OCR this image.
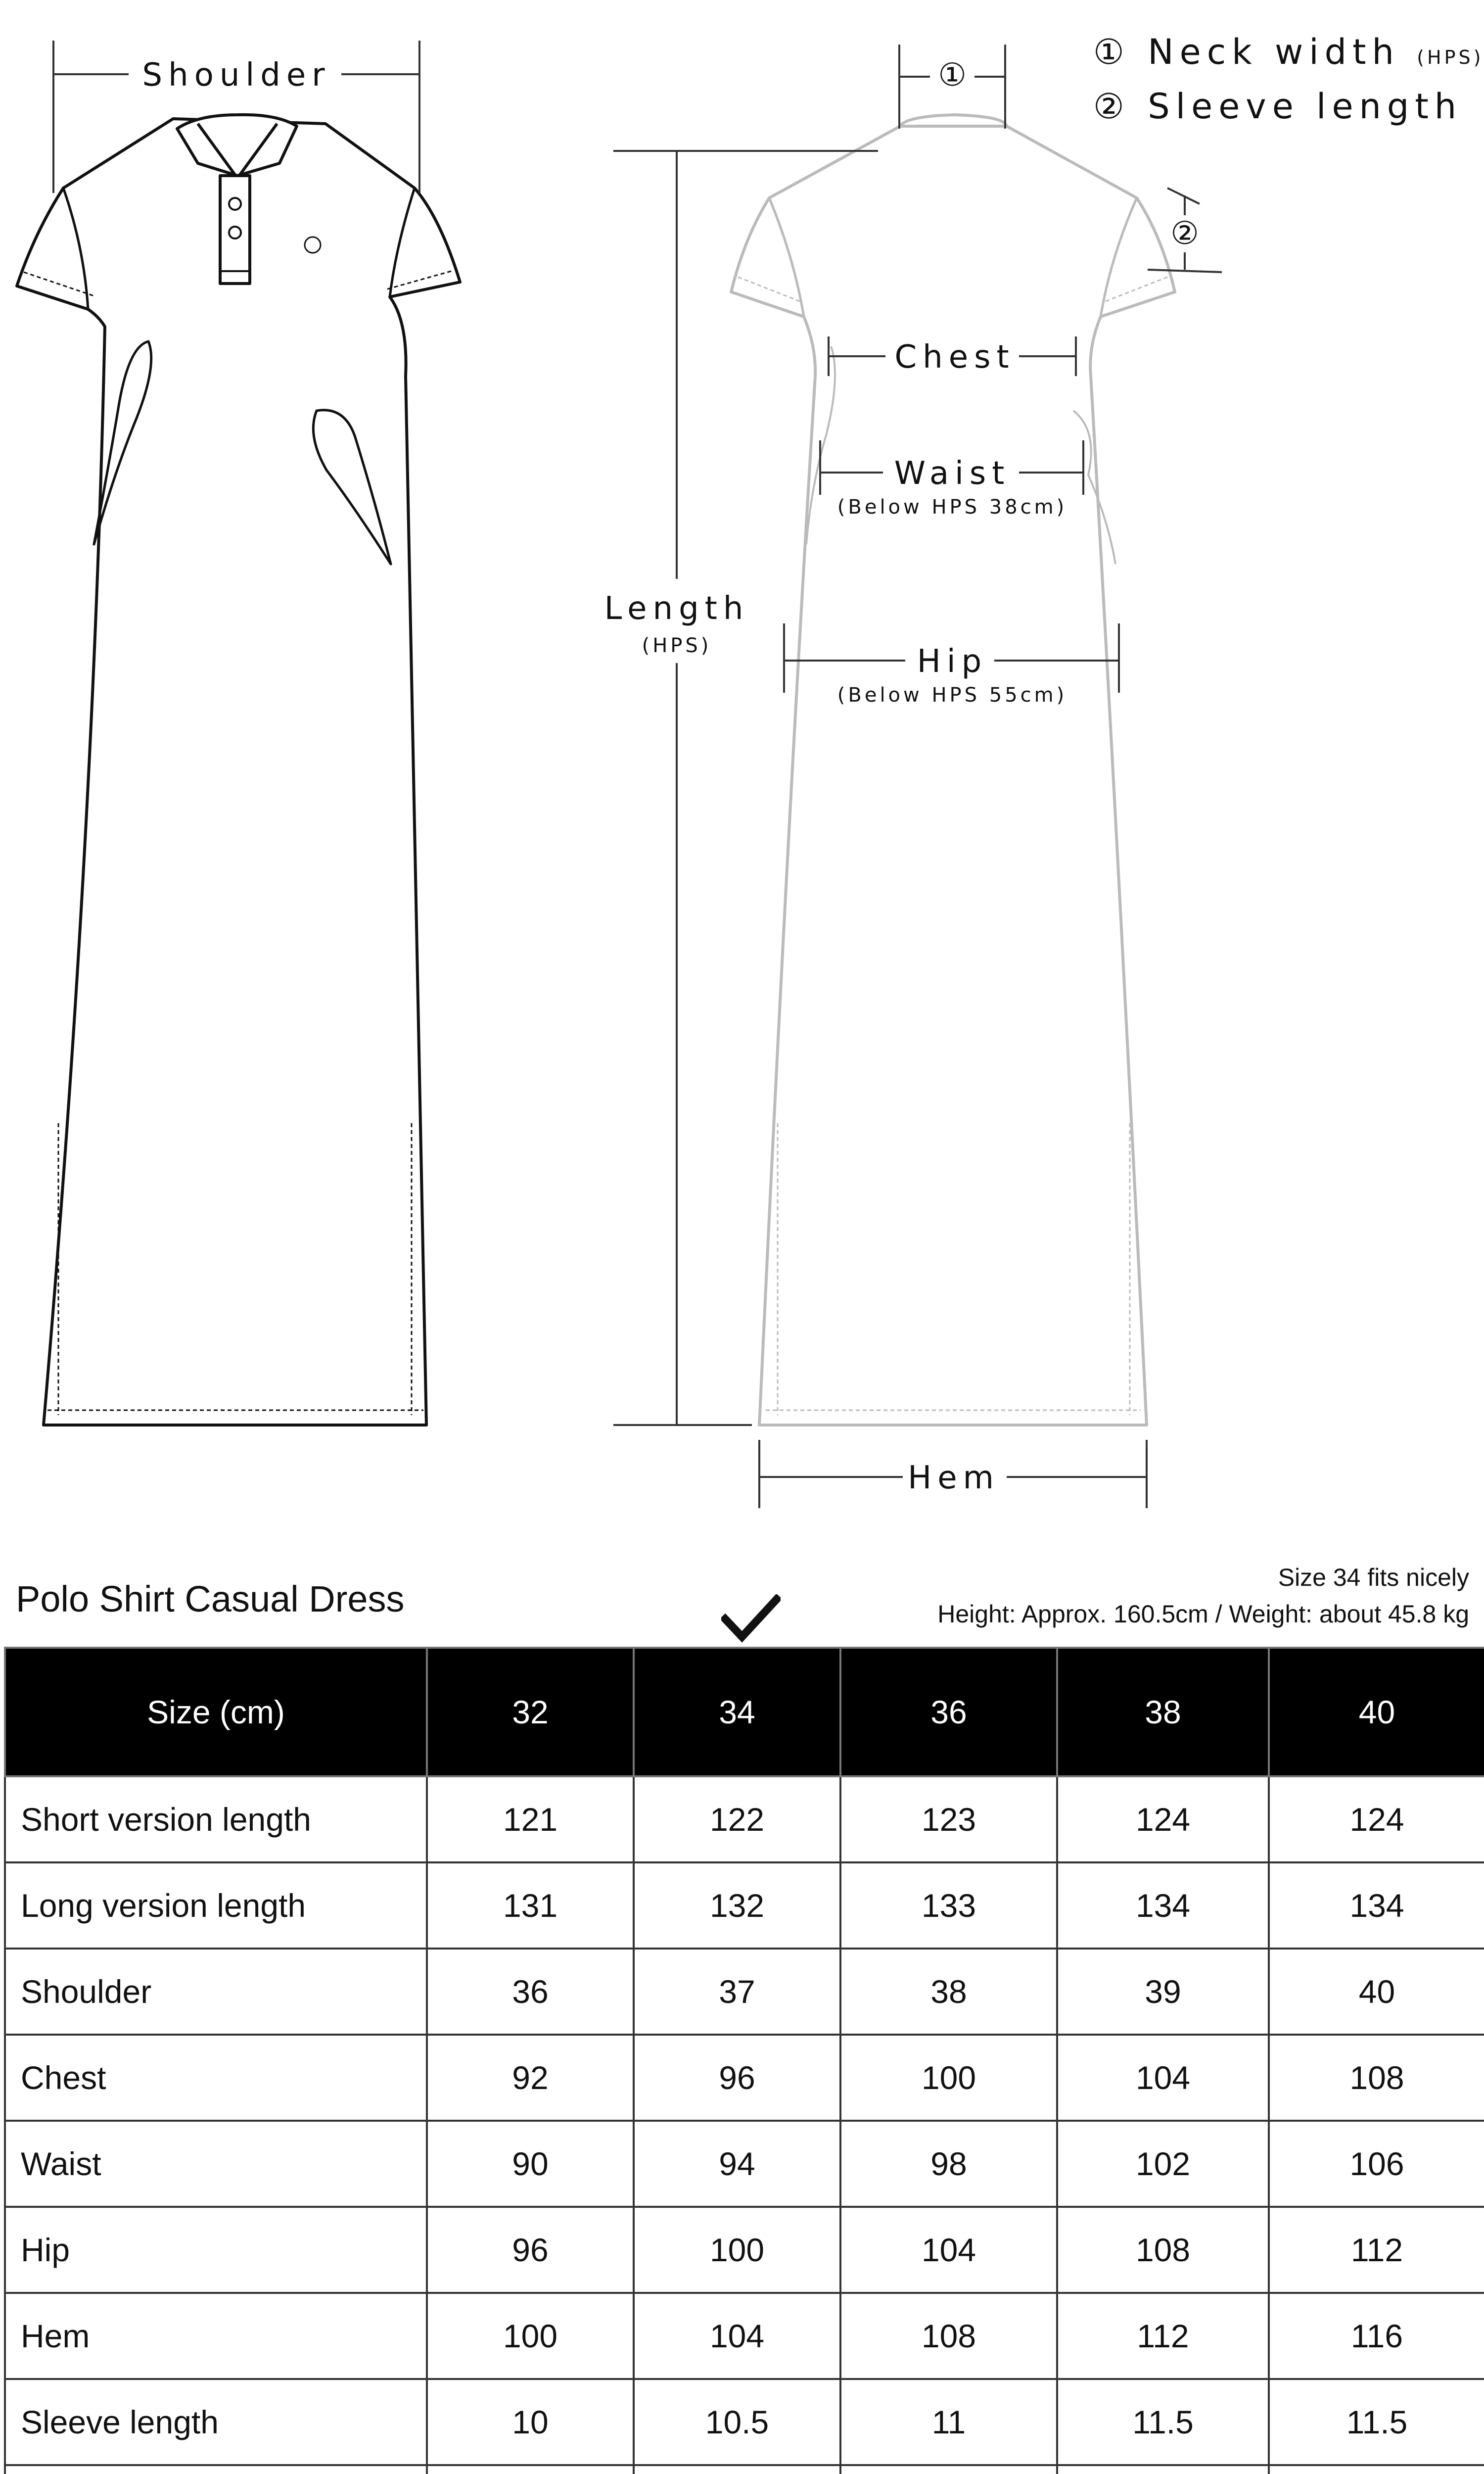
Shoulder	①
②
Length
(HPS)
Chest
Waist
(Below HPS 38cm)
Hip
(Below HPS 55cm)
Hem
① Neck width (HPS)
② Sleeve length
Polo Shirt Casual Dress
Size 34 fits nicely
Height: Approx. 160.5cm / Weight: about 45.8 kg
Size (cm)	32	34	36	38	40
Short version length	121	122	123	124	124
Long version length	131	132	133	134	134
Shoulder	36	37	38	39	40
Chest	92	96	100	104	108
Waist	90	94	98	102	106
Hip	96	100	104	108	112
Hem	100	104	108	112	116
Sleeve length	10	10.5	11	11.5	11.5
